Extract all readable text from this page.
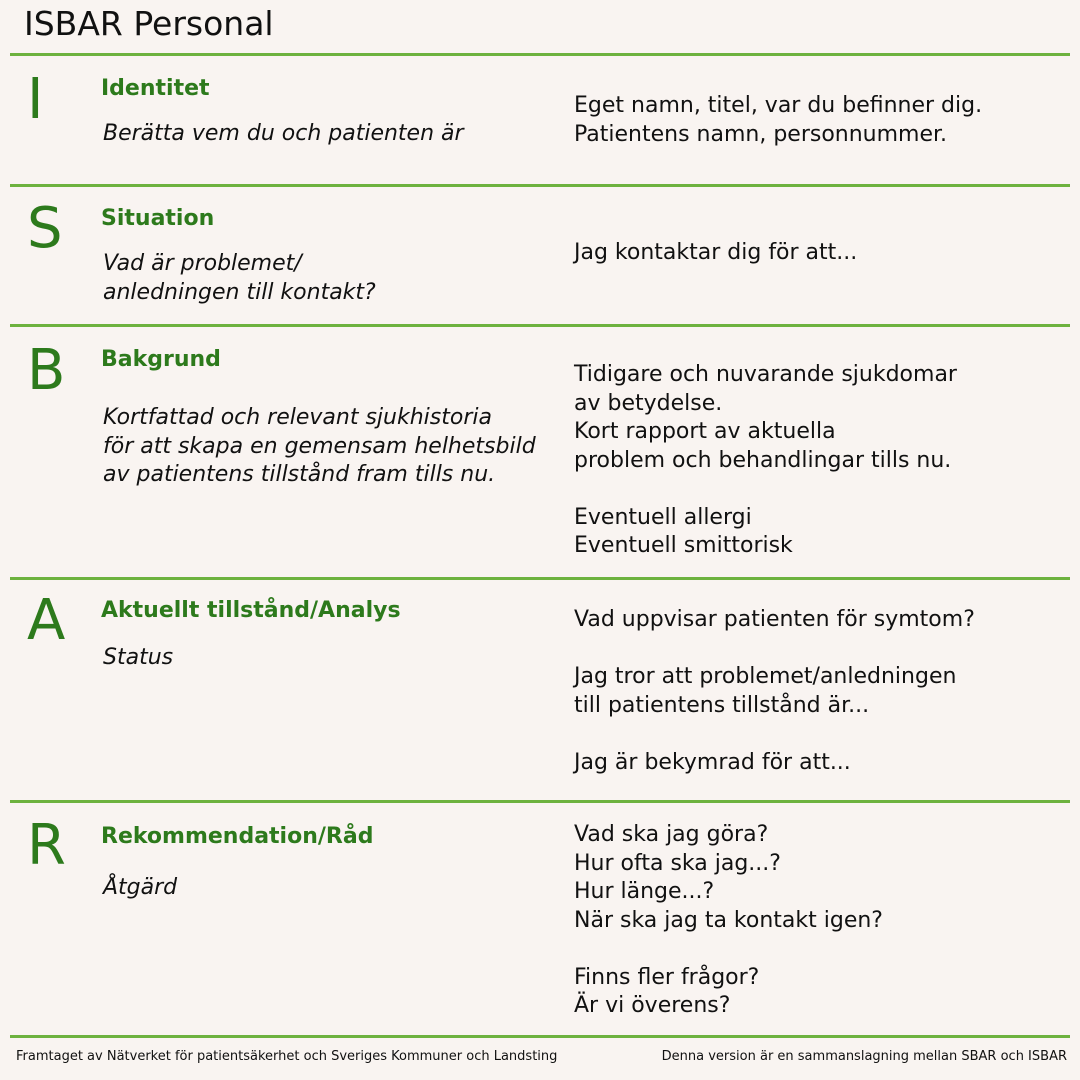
ISBAR Personal
I	Identitet
Berätta vem du och patienten är
Eget namn, titel, var du befinner dig.
Patientens namn, personnummer.
S Situation
Vad är problemet/
anledningen till kontakt?
Jag kontaktar dig för att...
B Bakgrund
Kortfattad och relevant sjukhistoria
för att skapa en gemensam helhetsbild
av patientens tillstånd fram tills nu.
Tidigare och nuvarande sjukdomar
av betydelse.
Kort rapport av aktuella
problem och behandlingar tills nu.
Eventuell allergi
Eventuell smittorisk
A Aktuellt tillstånd/Analys
Status
Vad uppvisar patienten för symtom?
Jag tror att problemet/anledningen
till patientens tillstånd är...
Jag är bekymrad för att...
R Rekommendation/Råd
Åtgärd
Vad ska jag göra?
Hur ofta ska jag...?
Hur länge...?
När ska jag ta kontakt igen?
Finns fler frågor?
Är vi överens?
Framtaget av Nätverket för patientsäkerhet och Sveriges Kommuner och Landsting	Denna version är en sammanslagning mellan SBAR och ISBAR
